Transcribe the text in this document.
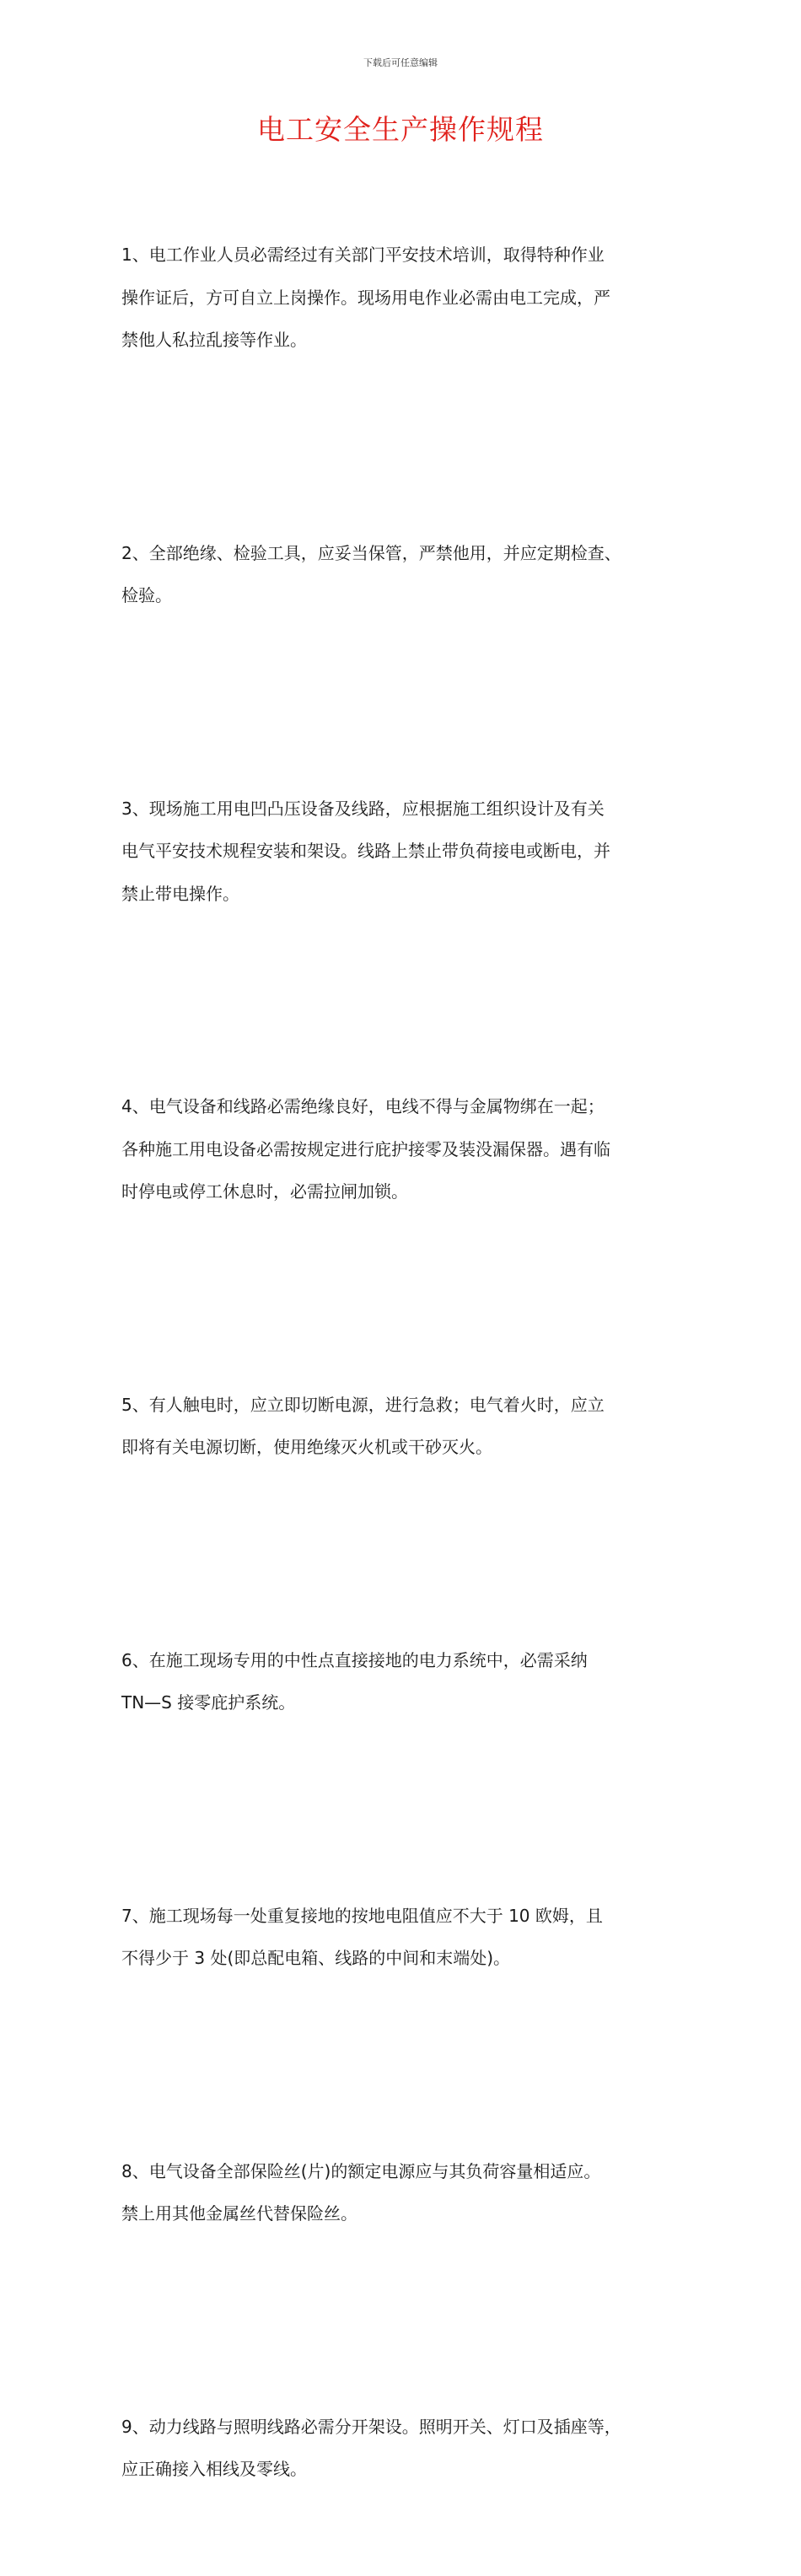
下载后可任意编辑
电工安全生产操作规程

1、电工作业人员必需经过有关部门平安技术培训，取得特种作业
操作证后，方可自立上岗操作。现场用电作业必需由电工完成，严
禁他人私拉乱接等作业。

2、全部绝缘、检验工具，应妥当保管，严禁他用，并应定期检查、
检验。

3、现场施工用电凹凸压设备及线路，应根据施工组织设计及有关
电气平安技术规程安装和架设。线路上禁止带负荷接电或断电，并
禁止带电操作。

4、电气设备和线路必需绝缘良好，电线不得与金属物绑在一起；
各种施工用电设备必需按规定进行庇护接零及装没漏保器。遇有临
时停电或停工休息时，必需拉闸加锁。

5、有人触电时，应立即切断电源，进行急救；电气着火时，应立
即将有关电源切断，使用绝缘灭火机或干砂灭火。

6、在施工现场专用的中性点直接接地的电力系统中，必需采纳
TN—S 接零庇护系统。

7、施工现场每一处重复接地的按地电阻值应不大于 10 欧姆，且
不得少于 3 处(即总配电箱、线路的中间和末端处)。

8、电气设备全部保险丝(片)的额定电源应与其负荷容量相适应。
禁上用其他金属丝代替保险丝。

9、动力线路与照明线路必需分开架设。照明开关、灯口及插座等，
应正确接入相线及零线。
